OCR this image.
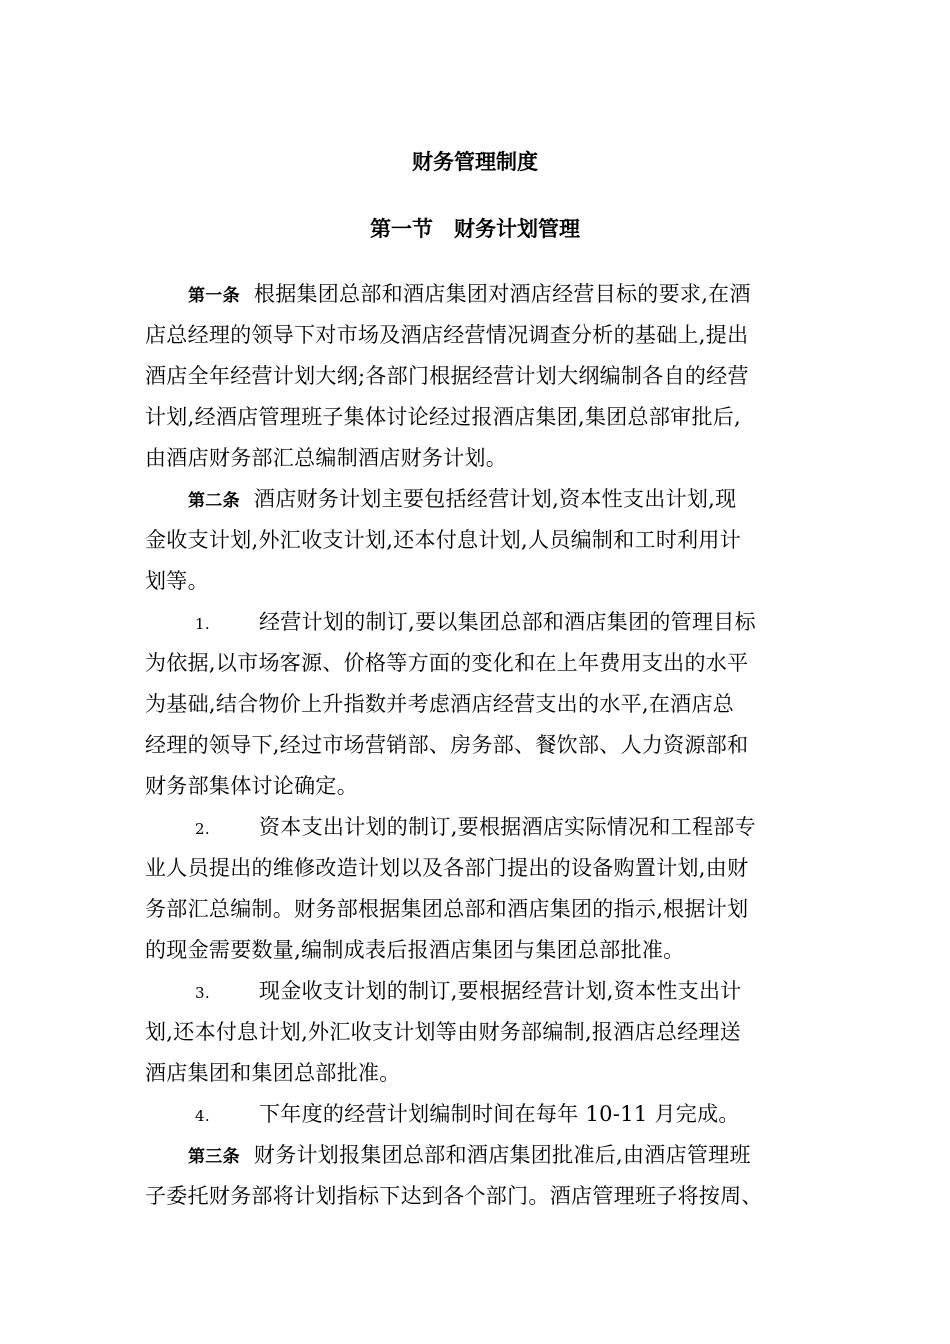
财务管理制度
第一节　财务计划管理
第一条 根据集团总部和酒店集团对酒店经营目标的要求,在酒
店总经理的领导下对市场及酒店经营情况调查分析的基础上,提出
酒店全年经营计划大纲;各部门根据经营计划大纲编制各自的经营
计划,经酒店管理班子集体讨论经过报酒店集团,集团总部审批后,
由酒店财务部汇总编制酒店财务计划。
第二条 酒店财务计划主要包括经营计划,资本性支出计划,现
金收支计划,外汇收支计划,还本付息计划,人员编制和工时利用计
划等。
1. 经营计划的制订,要以集团总部和酒店集团的管理目标
为依据,以市场客源、价格等方面的变化和在上年费用支出的水平
为基础,结合物价上升指数并考虑酒店经营支出的水平,在酒店总
经理的领导下,经过市场营销部、房务部、餐饮部、人力资源部和
财务部集体讨论确定。
2. 资本支出计划的制订,要根据酒店实际情况和工程部专
业人员提出的维修改造计划以及各部门提出的设备购置计划,由财
务部汇总编制。财务部根据集团总部和酒店集团的指示,根据计划
的现金需要数量,编制成表后报酒店集团与集团总部批准。
3. 现金收支计划的制订,要根据经营计划,资本性支出计
划,还本付息计划,外汇收支计划等由财务部编制,报酒店总经理送
酒店集团和集团总部批准。
4. 下年度的经营计划编制时间在每年 10-11 月完成。
第三条 财务计划报集团总部和酒店集团批准后,由酒店管理班
子委托财务部将计划指标下达到各个部门。酒店管理班子将按周、
